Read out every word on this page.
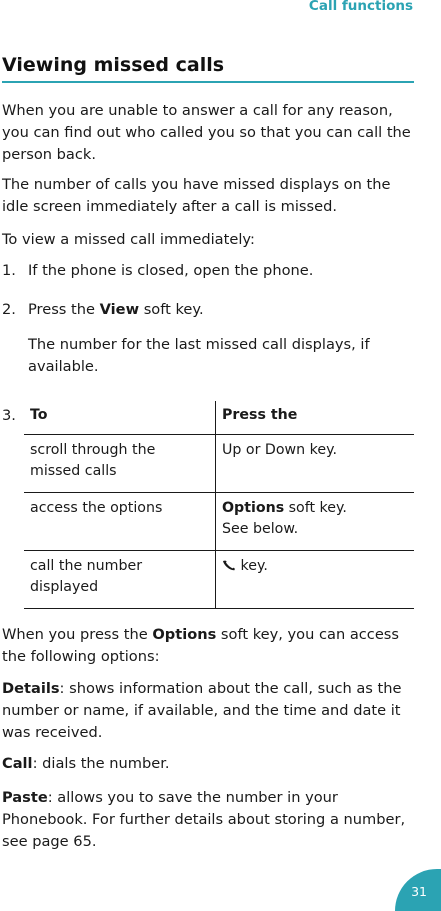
Call functions
Viewing missed calls

When you are unable to answer a call for any reason, you can find out who called you so that you can call the person back.

The number of calls you have missed displays on the idle screen immediately after a call is missed.

To view a missed call immediately:

1. If the phone is closed, open the phone.
2. Press the View soft key.
The number for the last missed call displays, if available.
3. To	Press the
scroll through the missed calls	Up or Down key.
access the options	Options soft key.
See below.
call the number displayed	key.

When you press the Options soft key, you can access the following options:

Details: shows information about the call, such as the number or name, if available, and the time and date it was received.

Call: dials the number.

Paste: allows you to save the number in your Phonebook. For further details about storing a number, see page 65.

31
